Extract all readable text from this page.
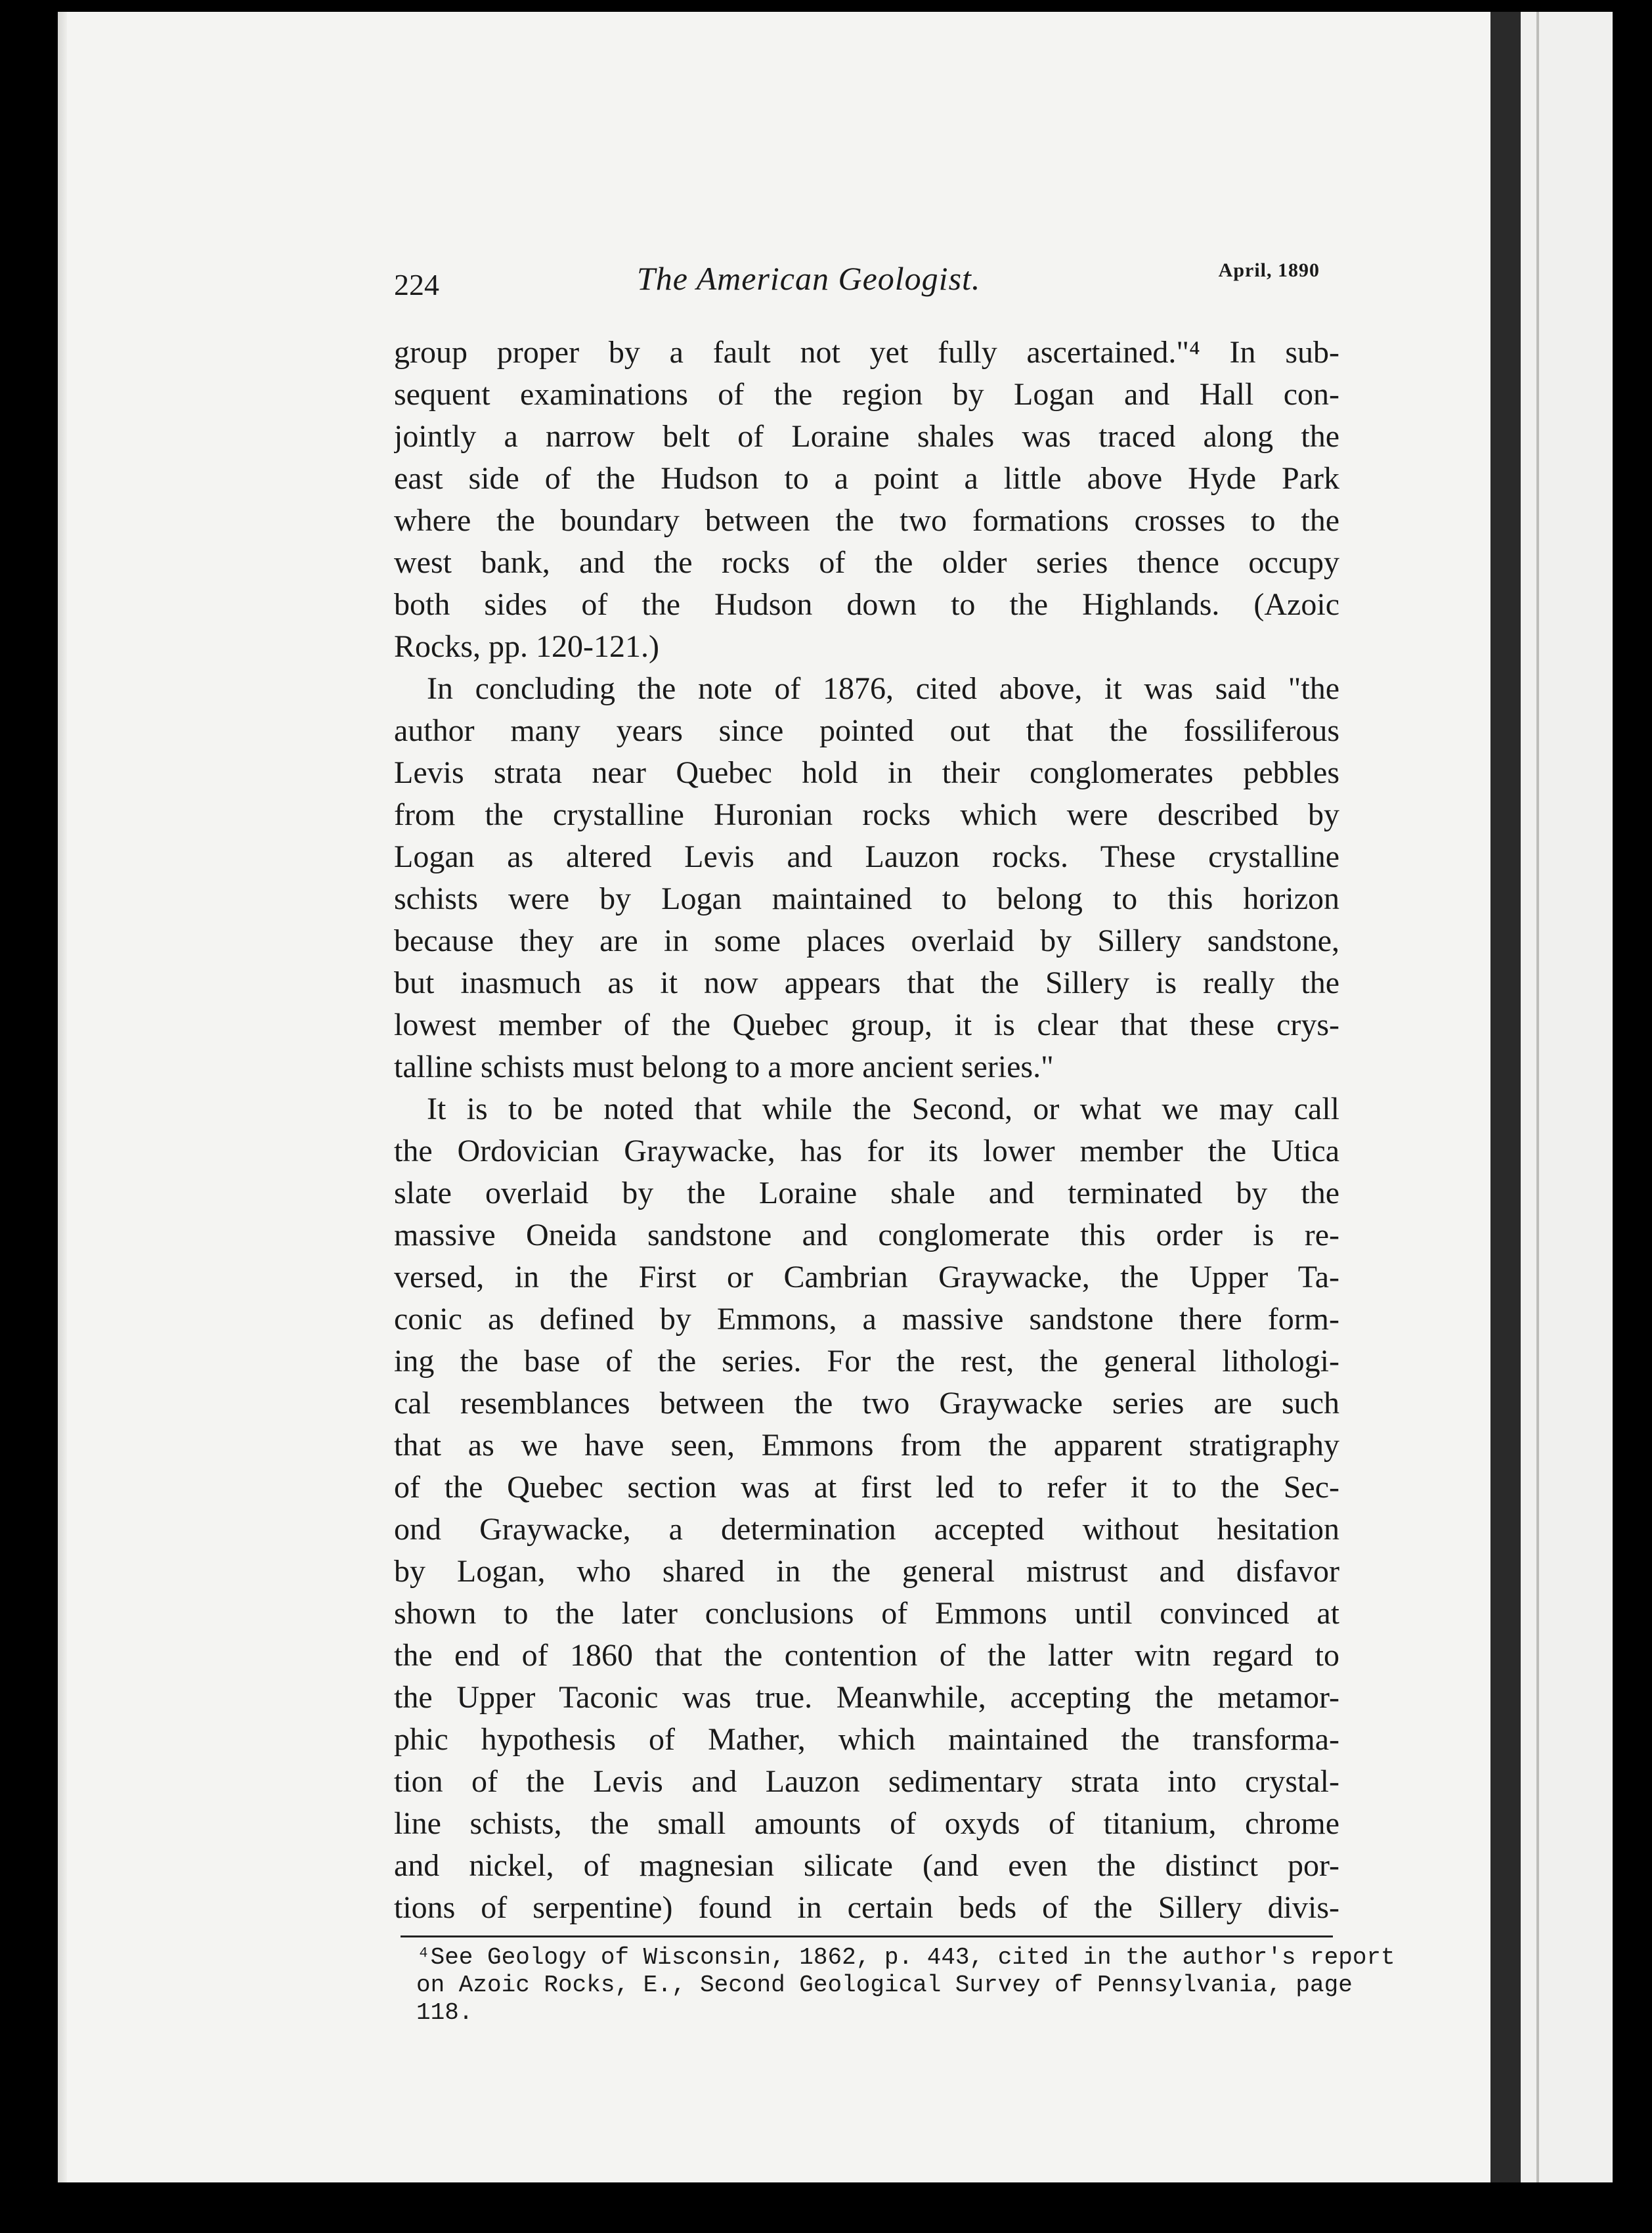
224	The American Geologist.	April, 1890
group proper by a fault not yet fully ascertained."⁴ In sub-
sequent examinations of the region by Logan and Hall con-
jointly a narrow belt of Loraine shales was traced along the
east side of the Hudson to a point a little above Hyde Park
where the boundary between the two formations crosses to the
west bank, and the rocks of the older series thence occupy
both sides of the Hudson down to the Highlands. (Azoic
Rocks, pp. 120-121.)
In concluding the note of 1876, cited above, it was said "the
author many years since pointed out that the fossiliferous
Levis strata near Quebec hold in their conglomerates pebbles
from the crystalline Huronian rocks which were described by
Logan as altered Levis and Lauzon rocks. These crystalline
schists were by Logan maintained to belong to this horizon
because they are in some places overlaid by Sillery sandstone,
but inasmuch as it now appears that the Sillery is really the
lowest member of the Quebec group, it is clear that these crys-
talline schists must belong to a more ancient series."
It is to be noted that while the Second, or what we may call
the Ordovician Graywacke, has for its lower member the Utica
slate overlaid by the Loraine shale and terminated by the
massive Oneida sandstone and conglomerate this order is re-
versed, in the First or Cambrian Graywacke, the Upper Ta-
conic as defined by Emmons, a massive sandstone there form-
ing the base of the series. For the rest, the general lithologi-
cal resemblances between the two Graywacke series are such
that as we have seen, Emmons from the apparent stratigraphy
of the Quebec section was at first led to refer it to the Sec-
ond Graywacke, a determination accepted without hesitation
by Logan, who shared in the general mistrust and disfavor
shown to the later conclusions of Emmons until convinced at
the end of 1860 that the contention of the latter witn regard to
the Upper Taconic was true. Meanwhile, accepting the metamor-
phic hypothesis of Mather, which maintained the transforma-
tion of the Levis and Lauzon sedimentary strata into crystal-
line schists, the small amounts of oxyds of titanium, chrome
and nickel, of magnesian silicate (and even the distinct por-
tions of serpentine) found in certain beds of the Sillery divis-
⁴See Geology of Wisconsin, 1862, p. 443, cited in the author's report
on Azoic Rocks, E., Second Geological Survey of Pennsylvania, page
118.
